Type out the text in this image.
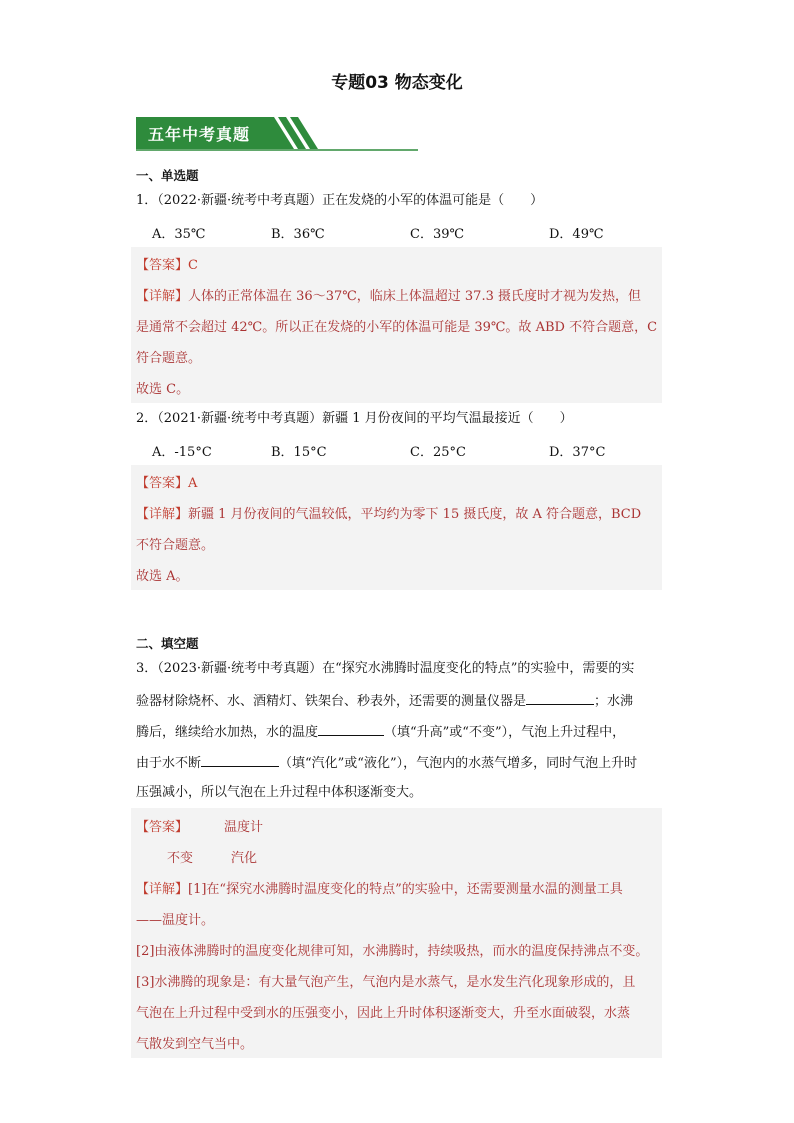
专题03 物态变化
五年中考真题
一、单选题
1．（2022·新疆·统考中考真题）正在发烧的小军的体温可能是（　　）
A．35℃	B．36℃	C．39℃	D．49℃
【答案】C
【详解】人体的正常体温在 36～37℃，临床上体温超过 37.3 摄氏度时才视为发热，但
是通常不会超过 42℃。所以正在发烧的小军的体温可能是 39℃。故 ABD 不符合题意，C
符合题意。
故选 C。
2．（2021·新疆·统考中考真题）新疆 1 月份夜间的平均气温最接近（　　）
A．-15°C	B．15°C	C．25°C	D．37°C
【答案】A
【详解】新疆 1 月份夜间的气温较低，平均约为零下 15 摄氏度，故 A 符合题意，BCD
不符合题意。
故选 A。
二、填空题
3．（2023·新疆·统考中考真题）在“探究水沸腾时温度变化的特点”的实验中，需要的实
验器材除烧杯、水、酒精灯、铁架台、秒表外，还需要的测量仪器是	；水沸
腾后，继续给水加热，水的温度	（填“升高”或“不变”），气泡上升过程中，
由于水不断	（填“汽化”或“液化”），气泡内的水蒸气增多，同时气泡上升时
压强减小，所以气泡在上升过程中体积逐渐变大。
【答案】	温度计
不变	汽化
【详解】[1]在“探究水沸腾时温度变化的特点”的实验中，还需要测量水温的测量工具
——温度计。
[2]由液体沸腾时的温度变化规律可知，水沸腾时，持续吸热，而水的温度保持沸点不变。
[3]水沸腾的现象是：有大量气泡产生，气泡内是水蒸气，是水发生汽化现象形成的，且
气泡在上升过程中受到水的压强变小，因此上升时体积逐渐变大，升至水面破裂，水蒸
气散发到空气当中。
